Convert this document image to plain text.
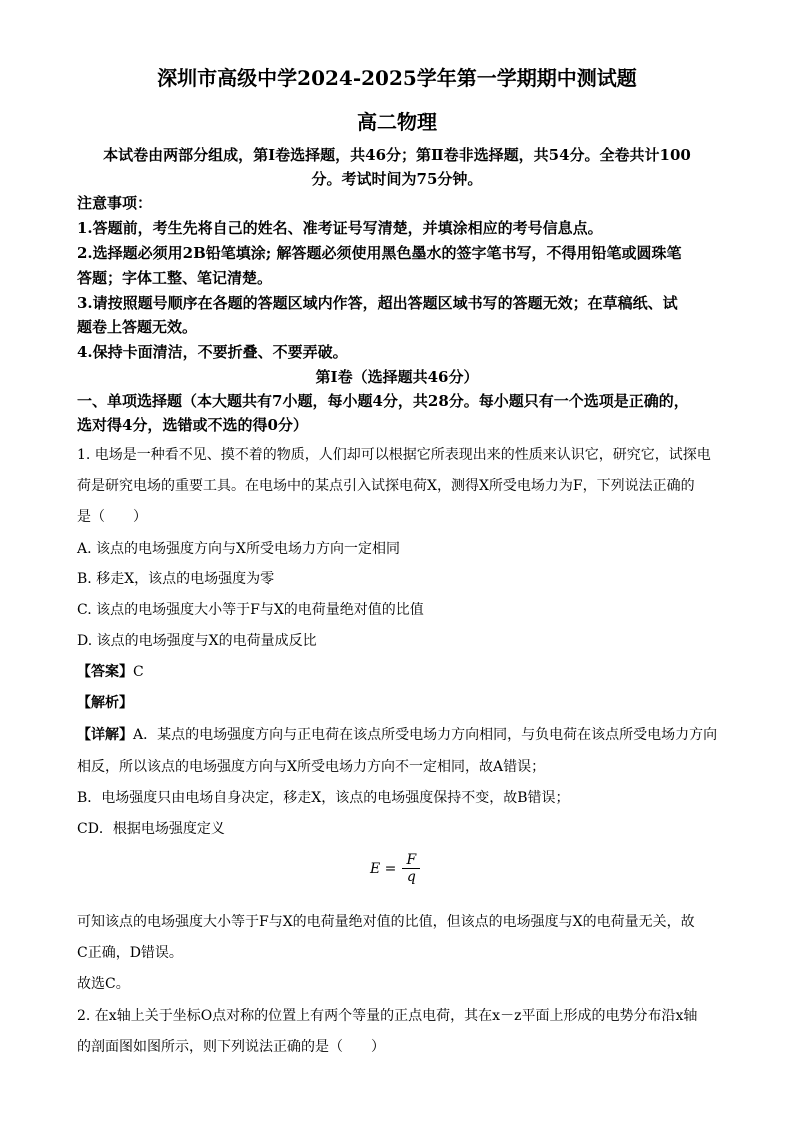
深圳市高级中学2024-2025学年第一学期期中测试题
高二物理
本试卷由两部分组成，第Ⅰ卷选择题，共46分；第Ⅱ卷非选择题，共54分。全卷共计100
分。考试时间为75分钟。
注意事项：
1.答题前，考生先将自己的姓名、准考证号写清楚，并填涂相应的考号信息点。
2.选择题必须用2B铅笔填涂; 解答题必须使用黑色墨水的签字笔书写，不得用铅笔或圆珠笔
答题；字体工整、笔记清楚。
3.请按照题号顺序在各题的答题区域内作答，超出答题区域书写的答题无效；在草稿纸、试
题卷上答题无效。
4.保持卡面清洁，不要折叠、不要弄破。
第Ⅰ卷（选择题共46分）
一、单项选择题（本大题共有7小题，每小题4分，共28分。每小题只有一个选项是正确的，
选对得4分，选错或不选的得0分）
1. 电场是一种看不见、摸不着的物质，人们却可以根据它所表现出来的性质来认识它，研究它，试探电
荷是研究电场的重要工具。在电场中的某点引入试探电荷X，测得X所受电场力为F，下列说法正确的
是（　　）
A. 该点的电场强度方向与X所受电场力方向一定相同
B. 移走X，该点的电场强度为零
C. 该点的电场强度大小等于F与X的电荷量绝对值的比值
D. 该点的电场强度与X的电荷量成反比
【答案】C
【解析】
【详解】A．某点的电场强度方向与正电荷在该点所受电场力方向相同，与负电荷在该点所受电场力方向
相反，所以该点的电场强度方向与X所受电场力方向不一定相同，故A错误；
B．电场强度只由电场自身决定，移走X，该点的电场强度保持不变，故B错误；
CD．根据电场强度定义
$E = \frac{F}{q}$
可知该点的电场强度大小等于F与X的电荷量绝对值的比值，但该点的电场强度与X的电荷量无关，故
C正确，D错误。
故选C。
2. 在x轴上关于坐标O点对称的位置上有两个等量的正点电荷，其在x－z平面上形成的电势分布沿x轴
的剖面图如图所示，则下列说法正确的是（　　）
